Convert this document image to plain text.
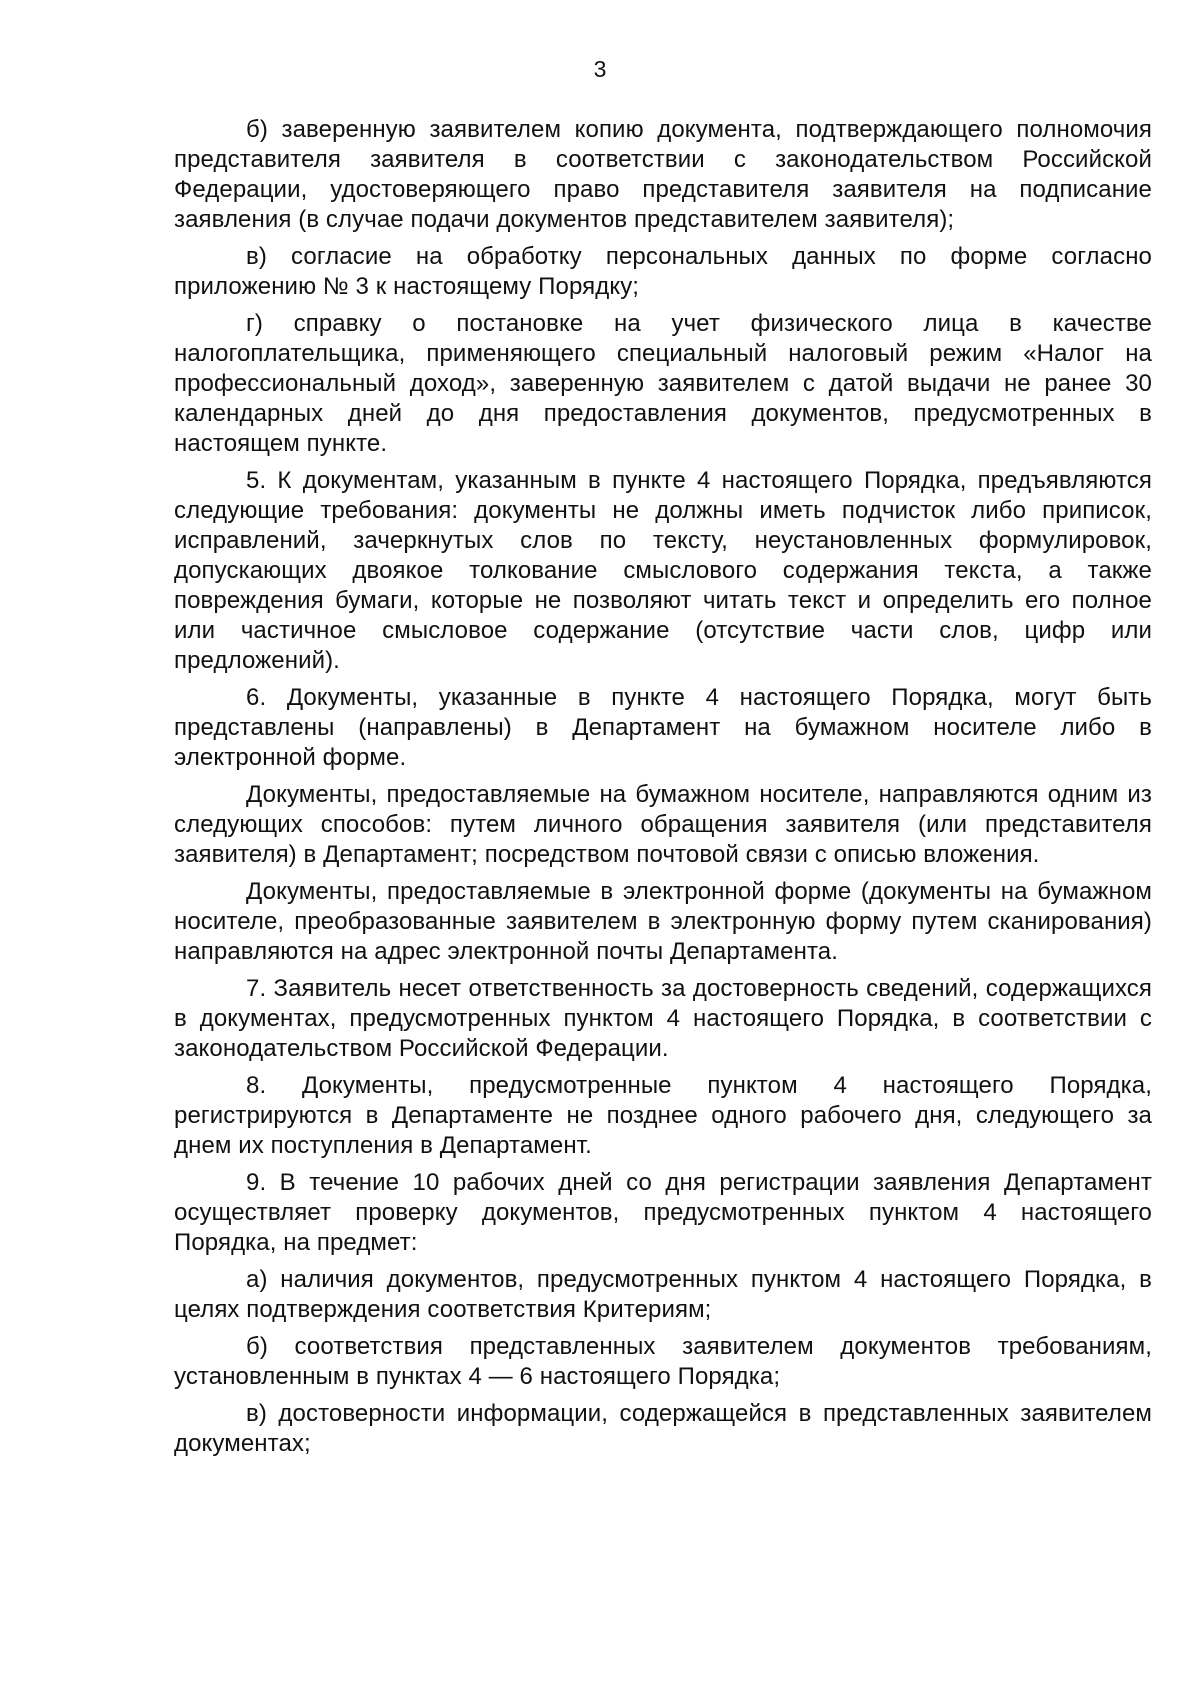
3

б) заверенную заявителем копию документа, подтверждающего полномочия представителя заявителя в соответствии с законодательством Российской Федерации, удостоверяющего право представителя заявителя на подписание заявления (в случае подачи документов представителем заявителя);

в) согласие на обработку персональных данных по форме согласно приложению № 3 к настоящему Порядку;

г) справку о постановке на учет физического лица в качестве налогоплательщика, применяющего специальный налоговый режим «Налог на профессиональный доход», заверенную заявителем с датой выдачи не ранее 30 календарных дней до дня предоставления документов, предусмотренных в настоящем пункте.

5. К документам, указанным в пункте 4 настоящего Порядка, предъявляются следующие требования: документы не должны иметь подчисток либо приписок, исправлений, зачеркнутых слов по тексту, неустановленных формулировок, допускающих двоякое толкование смыслового содержания текста, а также повреждения бумаги, которые не позволяют читать текст и определить его полное или частичное смысловое содержание (отсутствие части слов, цифр или предложений).

6. Документы, указанные в пункте 4 настоящего Порядка, могут быть представлены (направлены) в Департамент на бумажном носителе либо в электронной форме.

Документы, предоставляемые на бумажном носителе, направляются одним из следующих способов: путем личного обращения заявителя (или представителя заявителя) в Департамент; посредством почтовой связи с описью вложения.

Документы, предоставляемые в электронной форме (документы на бумажном носителе, преобразованные заявителем в электронную форму путем сканирования) направляются на адрес электронной почты Департамента.

7. Заявитель несет ответственность за достоверность сведений, содержащихся в документах, предусмотренных пунктом 4 настоящего Порядка, в соответствии с законодательством Российской Федерации.

8. Документы, предусмотренные пунктом 4 настоящего Порядка, регистрируются в Департаменте не позднее одного рабочего дня, следующего за днем их поступления в Департамент.

9. В течение 10 рабочих дней со дня регистрации заявления Департамент осуществляет проверку документов, предусмотренных пунктом 4 настоящего Порядка, на предмет:

а) наличия документов, предусмотренных пунктом 4 настоящего Порядка, в целях подтверждения соответствия Критериям;

б) соответствия представленных заявителем документов требованиям, установленным в пунктах 4 — 6 настоящего Порядка;

в) достоверности информации, содержащейся в представленных заявителем документах;
